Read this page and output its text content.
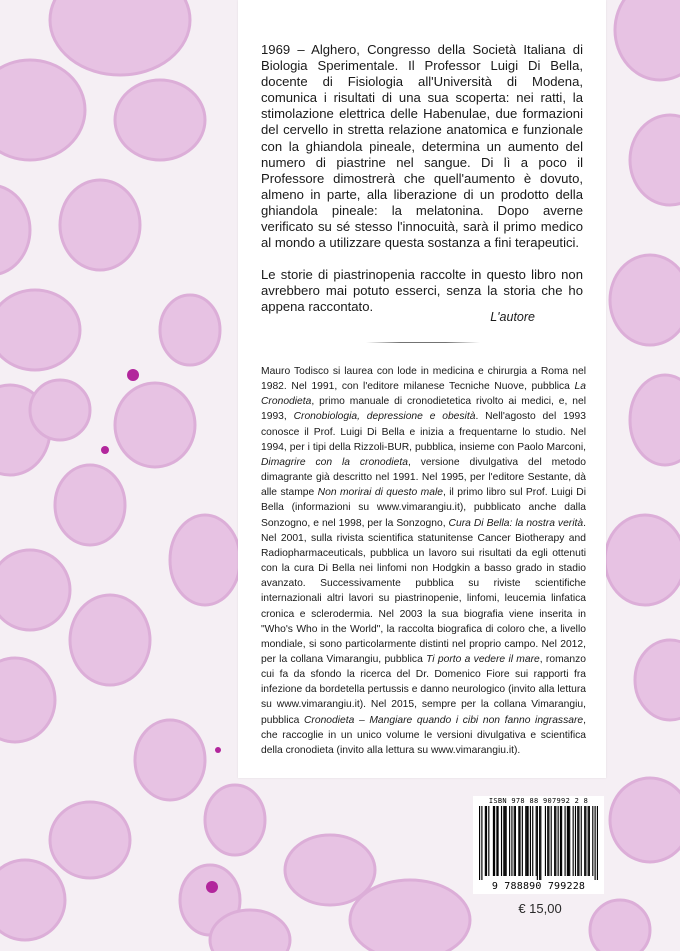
1969 – Alghero, Congresso della Società Italiana di Biologia Sperimentale. Il Professor Luigi Di Bella, docente di Fisiologia all'Università di Modena, comunica i risultati di una sua scoperta: nei ratti, la stimolazione elettrica delle Habenulae, due formazioni del cervello in stretta relazione anatomica e funzionale con la ghiandola pineale, determina un aumento del numero di piastrine nel sangue. Di lì a poco il Professore dimostrerà che quell'aumento è dovuto, almeno in parte, alla liberazione di un prodotto della ghiandola pineale: la melatonina. Dopo averne verificato su sé stesso l'innocuità, sarà il primo medico al mondo a utilizzare questa sostanza a fini terapeutici.

Le storie di piastrinopenia raccolte in questo libro non avrebbero mai potuto esserci, senza la storia che ho appena raccontato.

L'autore
Mauro Todisco si laurea con lode in medicina e chirurgia a Roma nel 1982. Nel 1991, con l'editore milanese Tecniche Nuove, pubblica La Cronodieta, primo manuale di cronodietetica rivolto ai medici, e, nel 1993, Cronobiologia, depressione e obesità. Nell'agosto del 1993 conosce il Prof. Luigi Di Bella e inizia a frequentarne lo studio. Nel 1994, per i tipi della Rizzoli-BUR, pubblica, insieme con Paolo Marconi, Dimagrire con la cronodieta, versione divulgativa del metodo dimagrante già descritto nel 1991. Nel 1995, per l'editore Sestante, dà alle stampe Non morirai di questo male, il primo libro sul Prof. Luigi Di Bella (informazioni su www.vimarangiu.it), pubblicato anche dalla Sonzogno, e nel 1998, per la Sonzogno, Cura Di Bella: la nostra verità. Nel 2001, sulla rivista scientifica statunitense Cancer Biotherapy and Radiopharmaceuticals, pubblica un lavoro sui risultati da egli ottenuti con la cura Di Bella nei linfomi non Hodgkin a basso grado in stadio avanzato. Successivamente pubblica su riviste scientifiche internazionali altri lavori su piastrinopenie, linfomi, leucemia linfatica cronica e sclerodermia. Nel 2003 la sua biografia viene inserita in "Who's Who in the World", la raccolta biografica di coloro che, a livello mondiale, si sono particolarmente distinti nel proprio campo. Nel 2012, per la collana Vimarangiu, pubblica Ti porto a vedere il mare, romanzo cui fa da sfondo la ricerca del Dr. Domenico Fiore sui rapporti fra infezione da bordetella pertussis e danno neurologico (invito alla lettura su www.vimarangiu.it). Nel 2015, sempre per la collana Vimarangiu, pubblica Cronodieta – Mangiare quando i cibi non fanno ingrassare, che raccoglie in un unico volume le versioni divulgativa e scientifica della cronodieta (invito alla lettura su www.vimarangiu.it).
ISBN 978 88 907992 2 8
9 788890 799228
€ 15,00
